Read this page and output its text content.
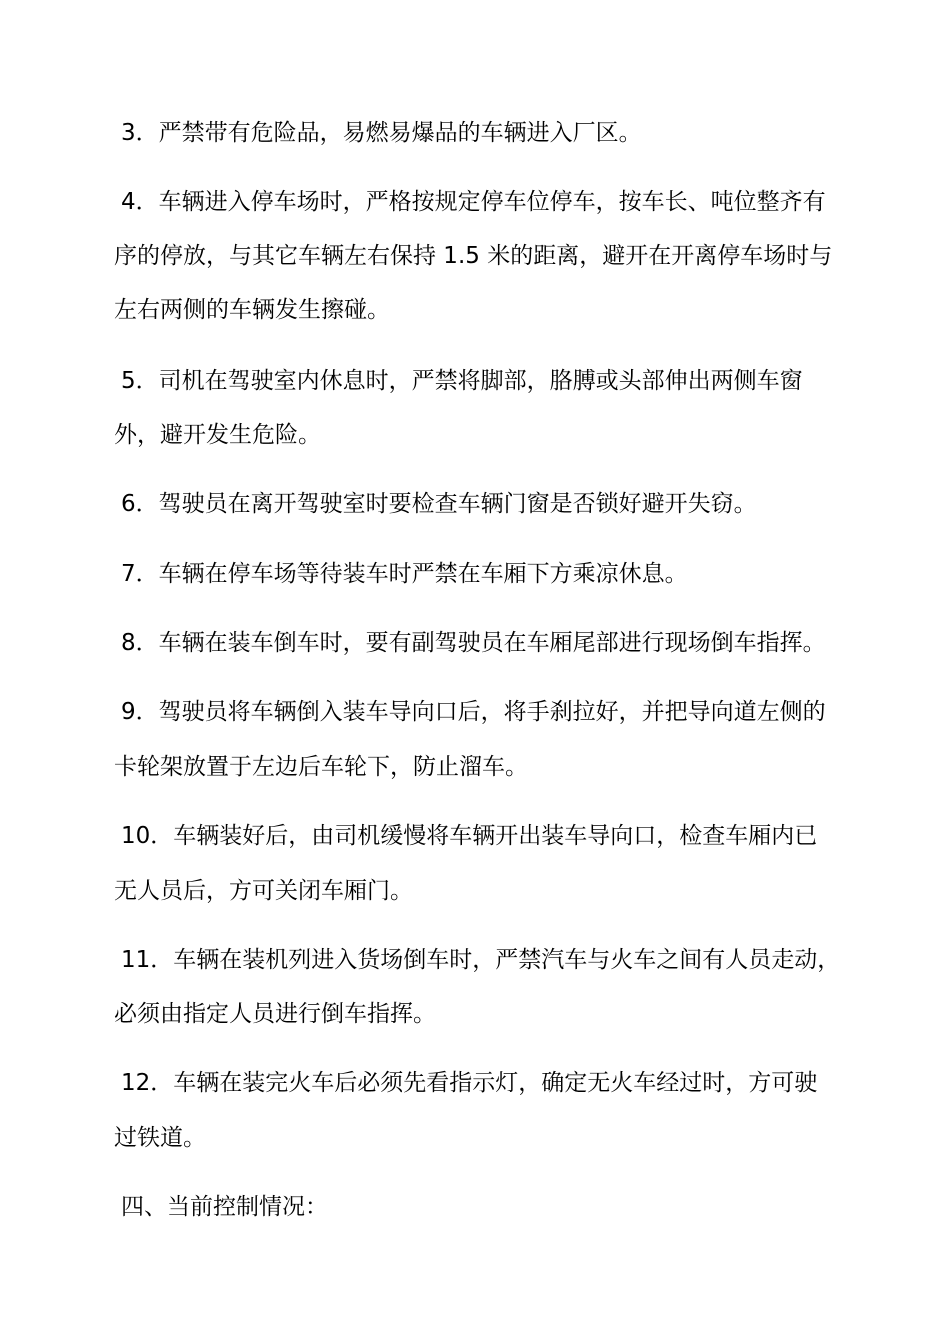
3．严禁带有危险品，易燃易爆品的车辆进入厂区。
4．车辆进入停车场时，严格按规定停车位停车，按车长、吨位整齐有
序的停放，与其它车辆左右保持 1.5 米的距离，避开在开离停车场时与
左右两侧的车辆发生擦碰。
5．司机在驾驶室内休息时，严禁将脚部，胳膊或头部伸出两侧车窗
外，避开发生危险。
6．驾驶员在离开驾驶室时要检查车辆门窗是否锁好避开失窃。
7．车辆在停车场等待装车时严禁在车厢下方乘凉休息。
8．车辆在装车倒车时，要有副驾驶员在车厢尾部进行现场倒车指挥。
9．驾驶员将车辆倒入装车导向口后，将手刹拉好，并把导向道左侧的
卡轮架放置于左边后车轮下，防止溜车。
10．车辆装好后，由司机缓慢将车辆开出装车导向口，检查车厢内已
无人员后，方可关闭车厢门。
11．车辆在装机列进入货场倒车时，严禁汽车与火车之间有人员走动，
必须由指定人员进行倒车指挥。
12．车辆在装完火车后必须先看指示灯，确定无火车经过时，方可驶
过铁道。
四、当前控制情况：
